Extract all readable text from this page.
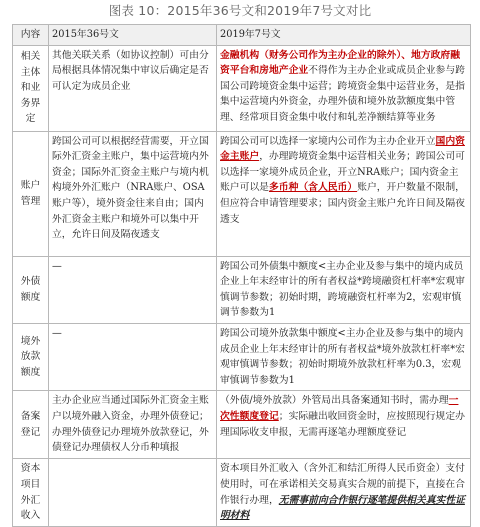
图表 10：2015年36号文和2019年7号文对比
内容	2015年36号文	2019年7号文
相关主体和业务界定	其他关联关系（如协议控制）可由分局根据具体情况集中审议后确定是否可认定为成员企业	金融机构（财务公司作为主办企业的除外）、地方政府融资平台和房地产企业不得作为主办企业或成员企业参与跨国公司跨境资金集中运营；跨境资金集中运营业务，是指集中运营境内外资金，办理外债和境外放款额度集中管理、经常项目资金集中收付和轧差净额结算等业务
账户管理	跨国公司可以根据经营需要，开立国际外汇资金主账户，集中运营境内外资金；国际外汇资金主账户与境内机构境外外汇账户（NRA账户、OSA账户等），境外资金往来自由；国内外汇资金主账户和境外可以集中开立，允许日间及隔夜透支	跨国公司可以选择一家境内公司作为主办企业开立国内资金主账户，办理跨境资金集中运营相关业务；跨国公司可以选择一家境外成员企业，开立NRA账户；国内资金主账户可以是多币种（含人民币）账户，开户数量不限制，但应符合申请管理要求；国内资金主账户允许日间及隔夜透支
外债额度	—	跨国公司外债集中额度<主办企业及参与集中的境内成员企业上年末经审计的所有者权益*跨境融资杠杆率*宏观审慎调节参数；初始时期，跨境融资杠杆率为2，宏观审慎调节参数为1
境外放款额度	—	跨国公司境外放款集中额度<主办企业及参与集中的境内成员企业上年末经审计的所有者权益*境外放款杠杆率*宏观审慎调节参数；初始时期境外放款杠杆率为0.3，宏观审慎调节参数为1
备案登记	主办企业应当通过国际外汇资金主账户以境外融入资金，办理外债登记；办理外债登记办理境外放款登记，外债登记办理债权人分币种填报	（外债/境外放款）外管局出具备案通知书时，需办理一次性额度登记；实际融出收回资金时，应按照现行规定办理国际收支申报，无需再逐笔办理额度登记
资本项目外汇收入		资本项目外汇收入（含外汇和结汇所得人民币资金）支付使用时，可在承诺相关交易真实合规的前提下，直接在合作银行办理，无需事前向合作银行逐笔提供相关真实性证明材料
